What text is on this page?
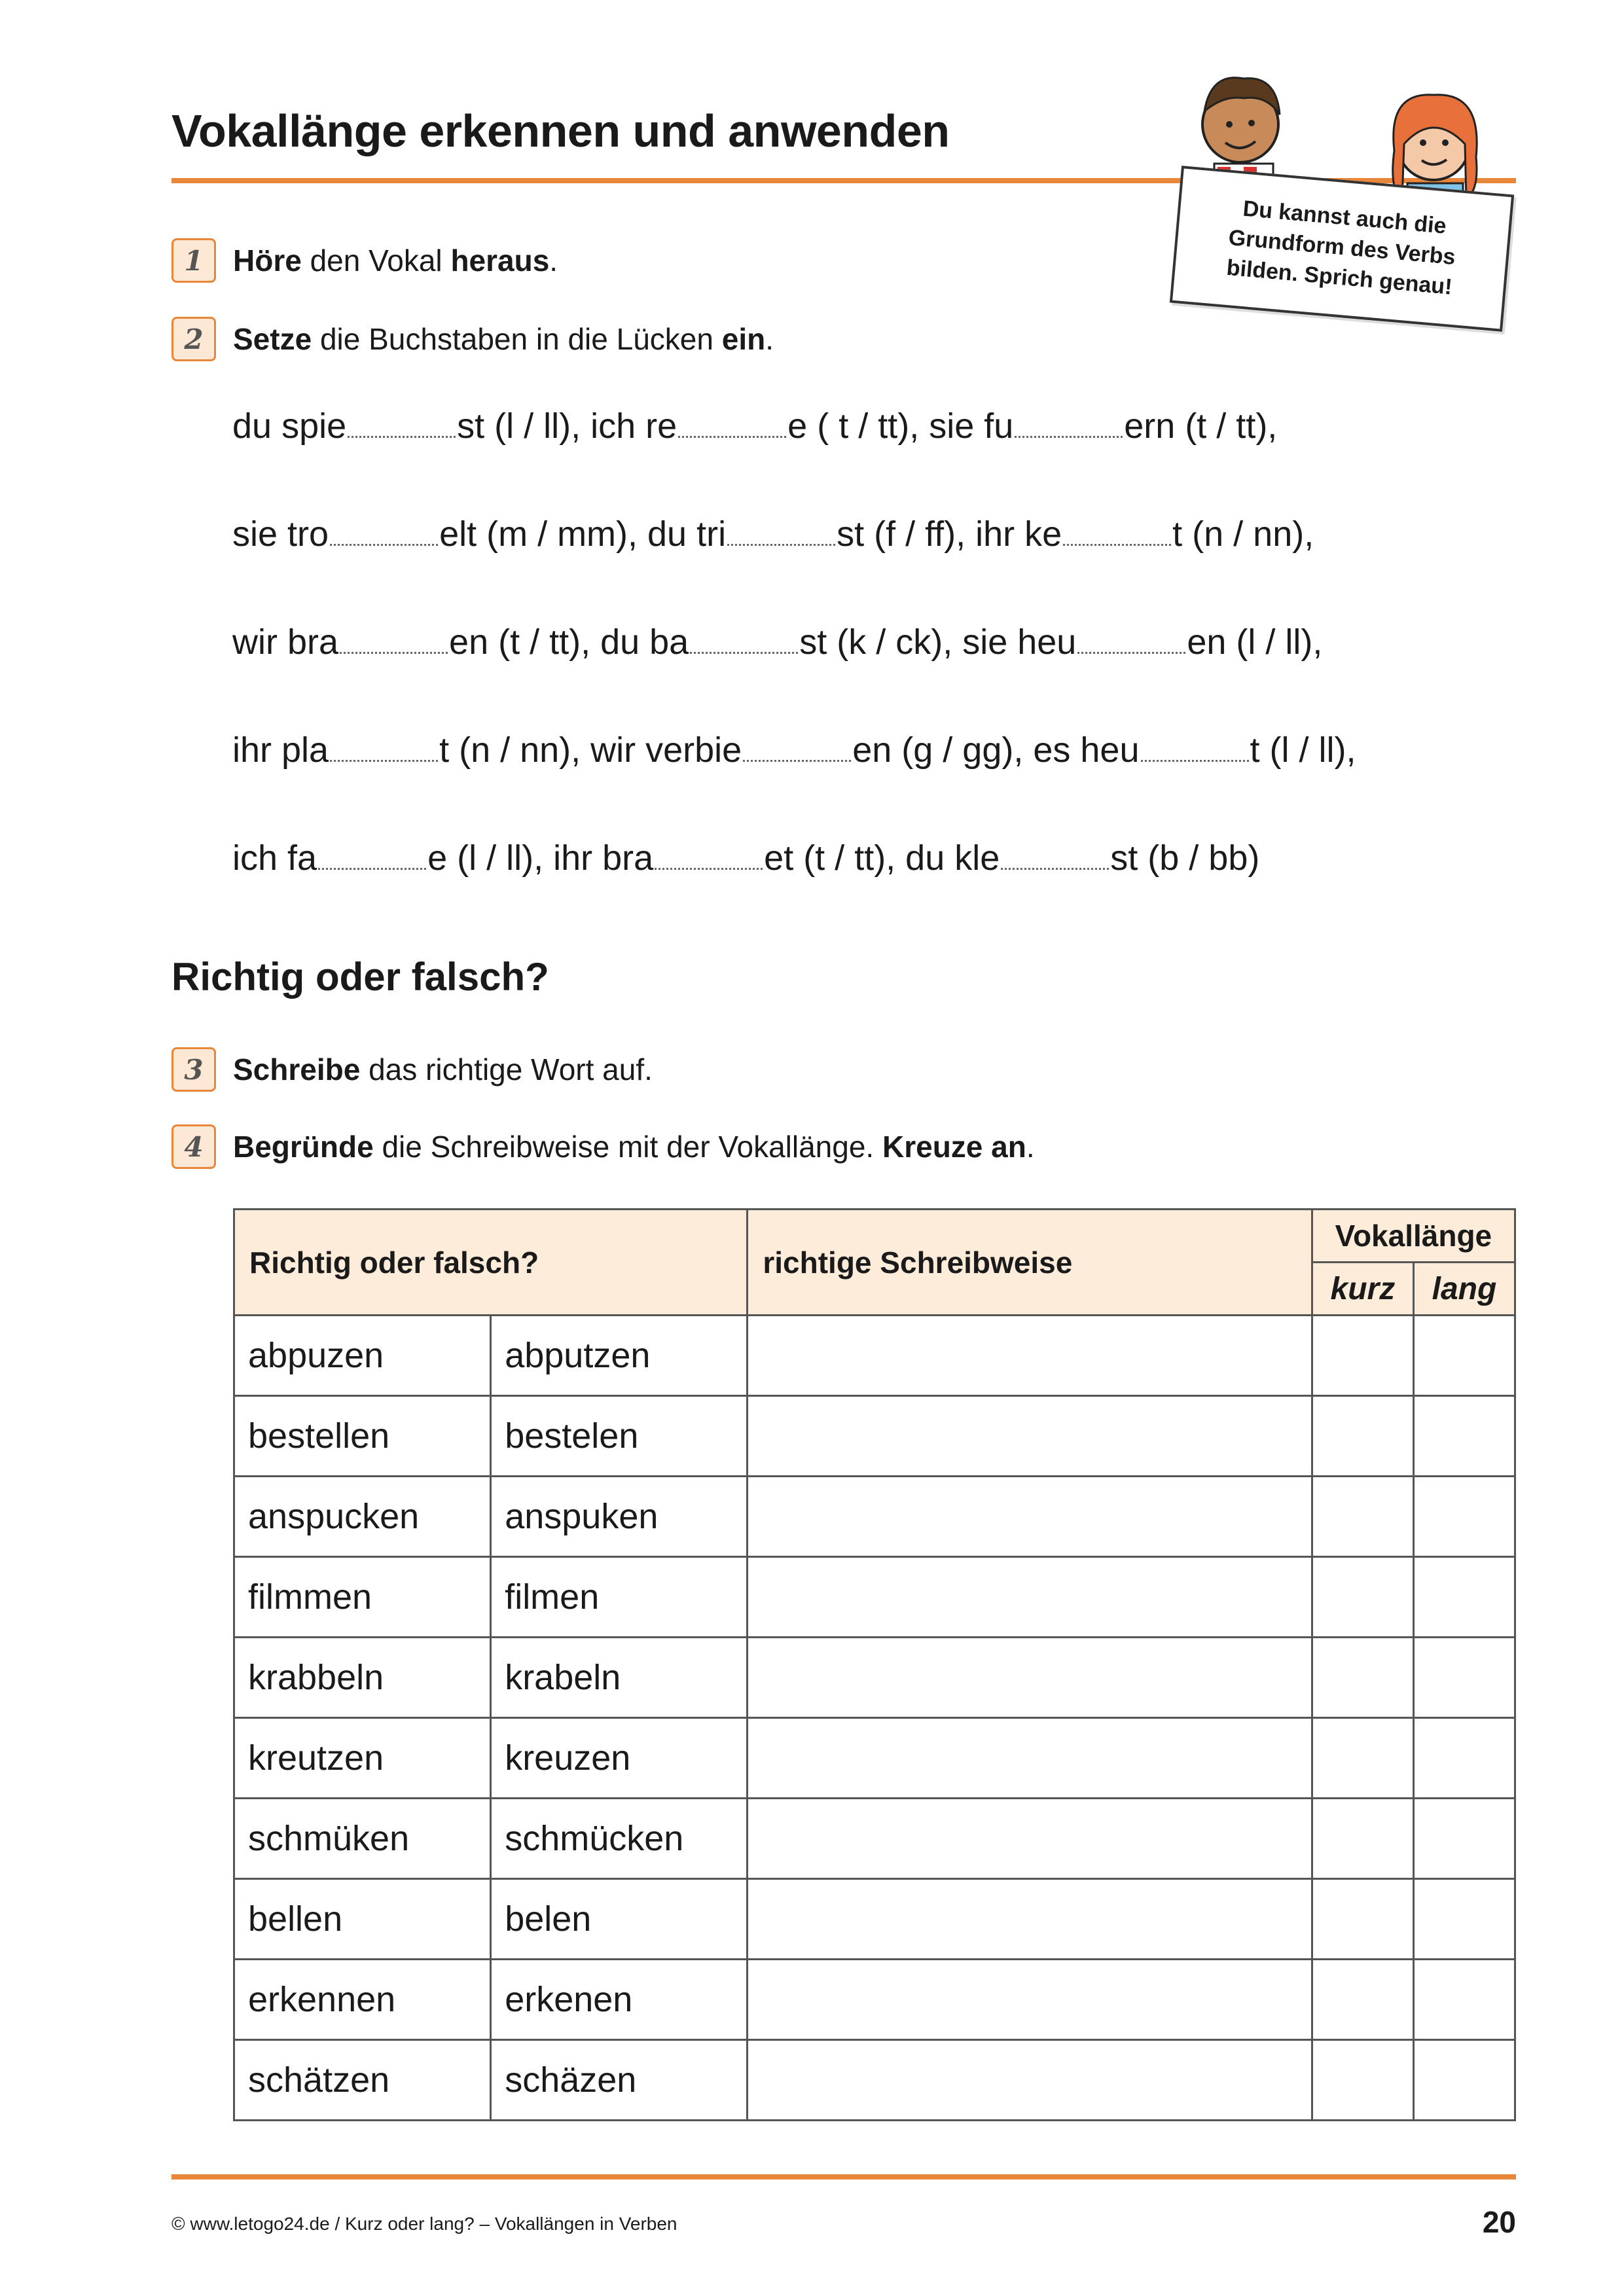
Vokallänge erkennen und anwenden
Du kannst auch die Grundform des Verbs bilden. Sprich genau!
1 Höre den Vokal heraus.
2 Setze die Buchstaben in die Lücken ein.
du spie	st (l / ll), ich re	e ( t / tt), sie fu	ern (t / tt),
sie tro	elt (m / mm), du tri	st (f / ff), ihr ke	t (n / nn),
wir bra	en (t / tt), du ba	st (k / ck), sie heu	en (l / ll),
ihr pla	t (n / nn), wir verbie	en (g / gg), es heu	t (l / ll),
ich fa	e (l / ll), ihr bra	et (t / tt), du kle	st (b / bb)
Richtig oder falsch?
3 Schreibe das richtige Wort auf.
4 Begründe die Schreibweise mit der Vokallänge. Kreuze an.
Richtig oder falsch?		richtige Schreibweise	Vokallänge	
			kurz	lang
abpuzen	abputzen			
bestellen	bestelen			
anspucken	anspuken			
filmmen	filmen			
krabbeln	krabeln			
kreutzen	kreuzen			
schmüken	schmücken			
bellen	belen			
erkennen	erkenen			
schätzen	schäzen			
© www.letogo24.de / Kurz oder lang? – Vokallängen in Verben	20
